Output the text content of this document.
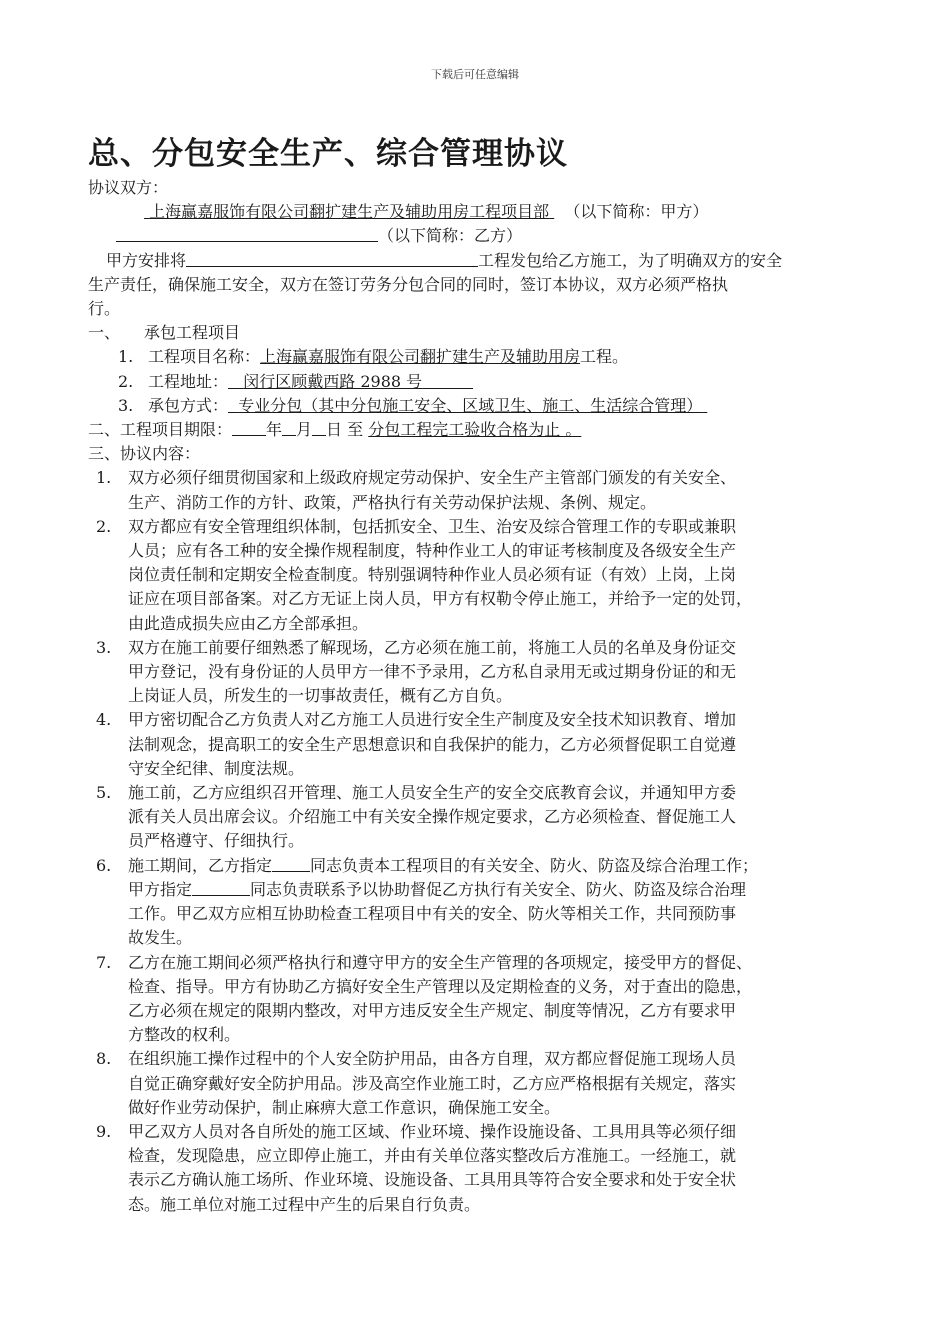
下载后可任意编辑
总、分包安全生产、综合管理协议
协议双方：
上海赢嘉服饰有限公司翻扩建生产及辅助用房工程项目部 （以下简称：甲方）
（以下简称：乙方）
甲方安排将	工程发包给乙方施工，为了明确双方的安全
生产责任，确保施工安全，双方在签订劳务分包合同的同时，签订本协议，双方必须严格执
行。
一、	承包工程项目
1. 工程项目名称： 上海赢嘉服饰有限公司翻扩建生产及辅助用房 工程。
2. 工程地址： 闵行区顾戴西路 2988 号
3. 承包方式： 专业分包（其中分包施工安全、区域卫生、施工、生活综合管理）
二、工程项目期限： 年 月 日 至 分包工程完工验收合格为止 。
三、协议内容：
1.	双方必须仔细贯彻国家和上级政府规定劳动保护、安全生产主管部门颁发的有关安全、
生产、消防工作的方针、政策，严格执行有关劳动保护法规、条例、规定。
2.	双方都应有安全管理组织体制，包括抓安全、卫生、治安及综合管理工作的专职或兼职
人员；应有各工种的安全操作规程制度，特种作业工人的审证考核制度及各级安全生产
岗位责任制和定期安全检查制度。特别强调特种作业人员必须有证（有效）上岗，上岗
证应在项目部备案。对乙方无证上岗人员，甲方有权勒令停止施工，并给予一定的处罚，
由此造成损失应由乙方全部承担。
3.	双方在施工前要仔细熟悉了解现场，乙方必须在施工前，将施工人员的名单及身份证交
甲方登记，没有身份证的人员甲方一律不予录用，乙方私自录用无或过期身份证的和无
上岗证人员，所发生的一切事故责任，概有乙方自负。
4.	甲方密切配合乙方负责人对乙方施工人员进行安全生产制度及安全技术知识教育、增加
法制观念，提高职工的安全生产思想意识和自我保护的能力，乙方必须督促职工自觉遵
守安全纪律、制度法规。
5.	施工前，乙方应组织召开管理、施工人员安全生产的安全交底教育会议，并通知甲方委
派有关人员出席会议。介绍施工中有关安全操作规定要求，乙方必须检查、督促施工人
员严格遵守、仔细执行。
6.	施工期间，乙方指定 同志负责本工程项目的有关安全、防火、防盗及综合治理工作；
甲方指定	同志负责联系予以协助督促乙方执行有关安全、防火、防盗及综合治理
工作。甲乙双方应相互协助检查工程项目中有关的安全、防火等相关工作，共同预防事
故发生。
7.	乙方在施工期间必须严格执行和遵守甲方的安全生产管理的各项规定，接受甲方的督促、
检查、指导。甲方有协助乙方搞好安全生产管理以及定期检查的义务，对于查出的隐患，
乙方必须在规定的限期内整改，对甲方违反安全生产规定、制度等情况，乙方有要求甲
方整改的权利。
8.	在组织施工操作过程中的个人安全防护用品，由各方自理，双方都应督促施工现场人员
自觉正确穿戴好安全防护用品。涉及高空作业施工时，乙方应严格根据有关规定，落实
做好作业劳动保护，制止麻痹大意工作意识，确保施工安全。
9.	甲乙双方人员对各自所处的施工区域、作业环境、操作设施设备、工具用具等必须仔细
检查，发现隐患，应立即停止施工，并由有关单位落实整改后方准施工。一经施工，就
表示乙方确认施工场所、作业环境、设施设备、工具用具等符合安全要求和处于安全状
态。施工单位对施工过程中产生的后果自行负责。
